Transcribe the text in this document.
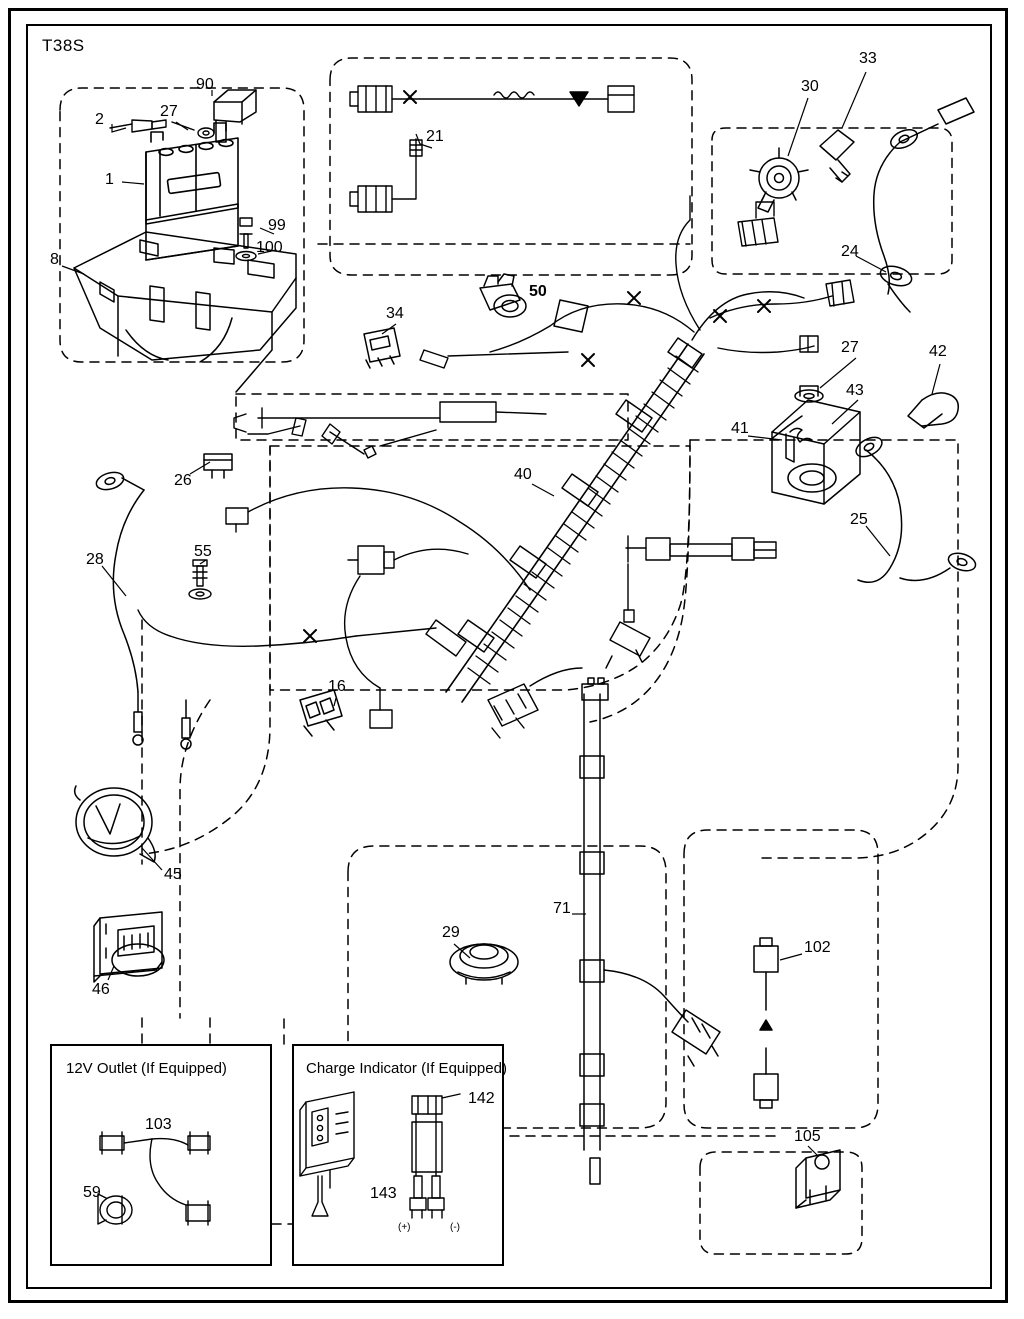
T38S
2	27
90
1
99
100
8
21
30
33
24
50
34
27	42
43
41
25
26	40
28	55
16
45
46
29
71
102
105
12V Outlet (If Equipped)
103
59
Charge Indicator (If Equipped)
142
143
(+)	(-)
